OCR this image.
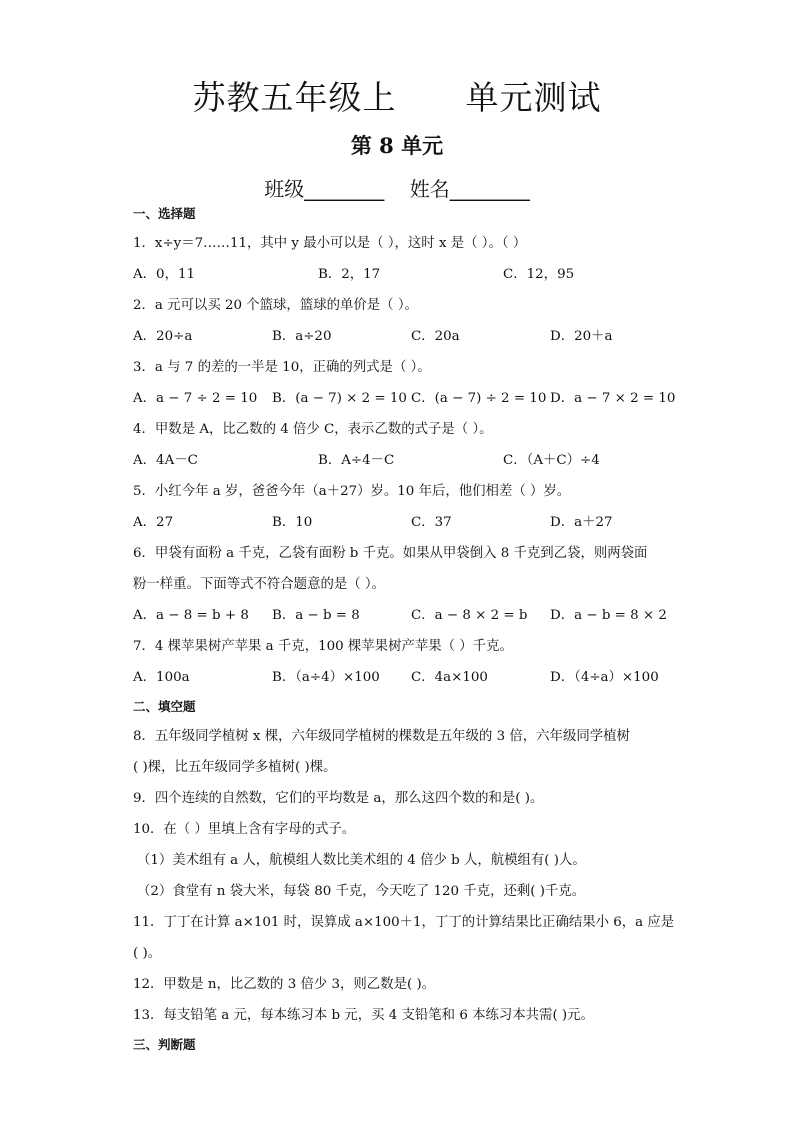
苏教五年级上      单元测试
第 8 单元
班级________    姓名________
一、选择题
1．x÷y＝7……11，其中 y 最小可以是（ ），这时 x 是（ ）。（ ）
A．0，11	B．2，17	C．12，95
2．a 元可以买 20 个篮球，篮球的单价是（ ）。
A．20÷a	B．a÷20	C．20a	D．20＋a
3．a 与 7 的差的一半是 10，正确的列式是（ ）。
A．a − 7 ÷ 2 = 10	B．(a − 7) × 2 = 10 C．(a − 7) ÷ 2 = 10 D．a − 7 × 2 = 10
4．甲数是 A，比乙数的 4 倍少 C，表示乙数的式子是（ ）。
A．4A－C	B．A÷4－C	C．（A＋C）÷4
5．小红今年 a 岁，爸爸今年（a＋27）岁。10 年后，他们相差（ ）岁。
A．27	B．10	C．37	D．a＋27
6．甲袋有面粉 a 千克，乙袋有面粉 b 千克。如果从甲袋倒入 8 千克到乙袋，则两袋面
粉一样重。下面等式不符合题意的是（ ）。
A．a − 8 = b + 8	B．a − b = 8	C．a − 8 × 2 = b	D．a − b = 8 × 2
7．4 棵苹果树产苹果 a 千克，100 棵苹果树产苹果（ ）千克。
A．100a	B．（a÷4）×100	C．4a×100	D．（4÷a）×100
二、填空题
8．五年级同学植树 x 棵，六年级同学植树的棵数是五年级的 3 倍，六年级同学植树
( )棵，比五年级同学多植树( )棵。
9．四个连续的自然数，它们的平均数是 a，那么这四个数的和是( )。
10．在（ ）里填上含有字母的式子。
（1）美术组有 a 人，航模组人数比美术组的 4 倍少 b 人，航模组有( )人。
（2）食堂有 n 袋大米，每袋 80 千克，今天吃了 120 千克，还剩( )千克。
11．丁丁在计算 a×101 时，误算成 a×100＋1，丁丁的计算结果比正确结果小 6，a 应是
( )。
12．甲数是 n，比乙数的 3 倍少 3，则乙数是( )。
13．每支铅笔 a 元，每本练习本 b 元，买 4 支铅笔和 6 本练习本共需( )元。
三、判断题
